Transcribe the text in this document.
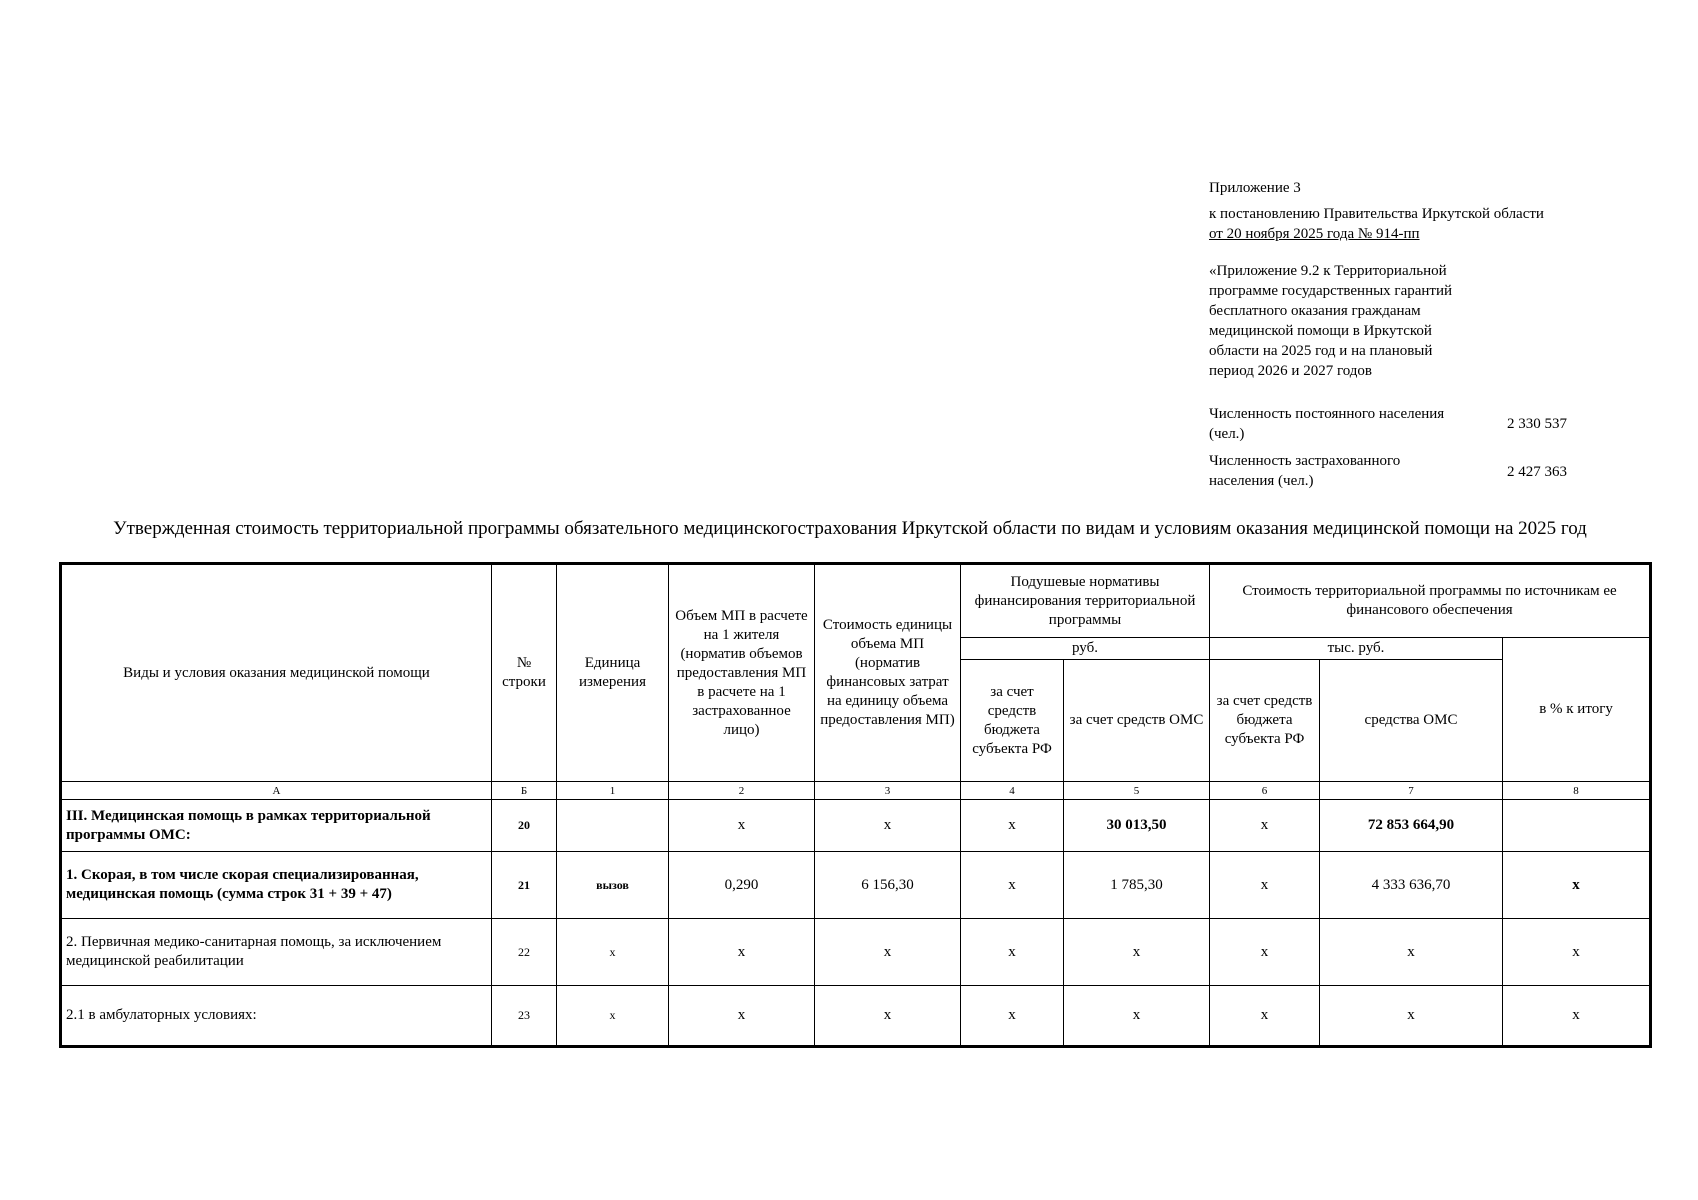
Приложение 3
к постановлению Правительства Иркутской области
от 20 ноября 2025 года № 914-пп
«Приложение 9.2 к Территориальной
программе государственных гарантий
бесплатного оказания гражданам
медицинской помощи в Иркутской
области на 2025 год и на плановый
период 2026 и 2027 годов
Численность постоянного населения
(чел.)
2 330 537
Численность застрахованного
населения (чел.)
2 427 363
Утвержденная стоимость территориальной программы обязательного медицинскогострахования Иркутской области по видам и условиям оказания медицинской помощи на 2025 год
Виды и условия оказания медицинской помощи	№ строки	Единица измерения	Объем МП в расчете на 1 жителя (норматив объемов предоставления МП в расчете на 1 застрахованное лицо)	Стоимость единицы объема МП (норматив финансовых затрат на единицу объема предоставления МП)	Подушевые нормативы финансирования территориальной программы		Стоимость территориальной программы по источникам ее финансового обеспечения		
					руб.		тыс. руб.		в % к итогу
					за счет средств бюджета субъекта РФ	за счет средств ОМС	за счет средств бюджета субъекта РФ	средства ОМС	
А	Б	1	2	3	4	5	6	7	8
III. Медицинская помощь в рамках территориальной программы ОМС:	20		х	х	х	30 013,50	х	72 853 664,90	
1. Скорая, в том числе скорая специализированная, медицинская помощь (сумма строк 31 + 39 + 47)	21	вызов	0,290	6 156,30	х	1 785,30	х	4 333 636,70	х
2. Первичная медико-санитарная помощь, за исключением медицинской реабилитации	22	х	х	х	х	х	х	х	х
2.1 в амбулаторных условиях:	23	х	х	х	х	х	х	х	х
